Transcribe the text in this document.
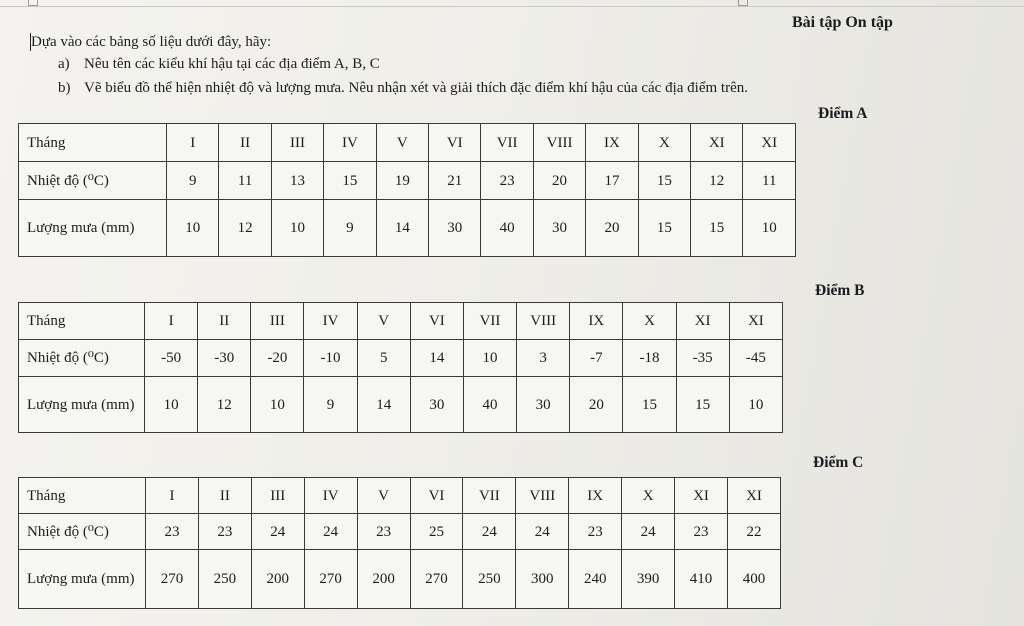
Bài tập On tập
Dựa vào các bảng số liệu dưới đây, hãy:
a) Nêu tên các kiểu khí hậu tại các địa điểm A, B, C
b) Vẽ biểu đồ thể hiện nhiệt độ và lượng mưa. Nêu nhận xét và giải thích đặc điểm khí hậu của các địa điểm trên.
Điểm A
Điểm B
Điểm C
Tháng	I	II	III	IV	V	VI	VII	VIII	IX	X	XI	XI
Nhiệt độ (⁰C)	9	11	13	15	19	21	23	20	17	15	12	11
Lượng mưa (mm)	10	12	10	9	14	30	40	30	20	15	15	10
Tháng	I	II	III	IV	V	VI	VII	VIII	IX	X	XI	XI
Nhiệt độ (⁰C)	-50	-30	-20	-10	5	14	10	3	-7	-18	-35	-45
Lượng mưa (mm)	10	12	10	9	14	30	40	30	20	15	15	10
Tháng	I	II	III	IV	V	VI	VII	VIII	IX	X	XI	XI
Nhiệt độ (⁰C)	23	23	24	24	23	25	24	24	23	24	23	22
Lượng mưa (mm)	270	250	200	270	200	270	250	300	240	390	410	400
